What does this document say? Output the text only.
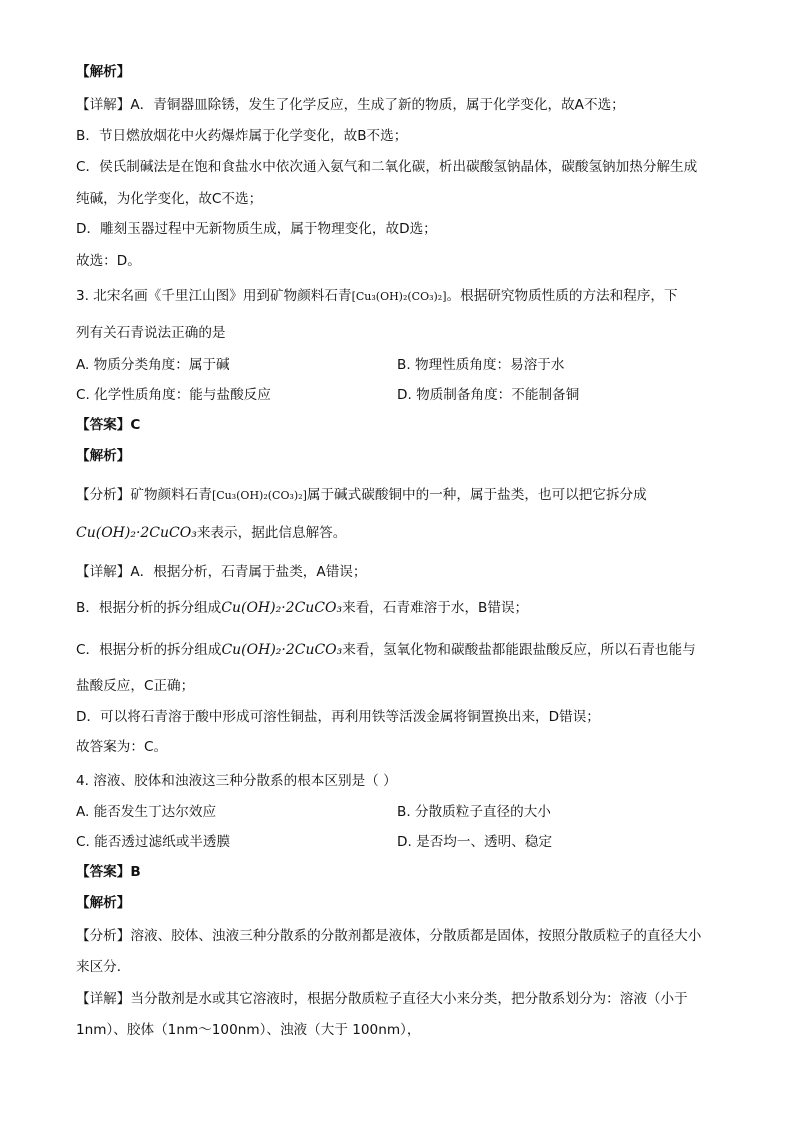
【解析】
【详解】A．青铜器皿除锈，发生了化学反应，生成了新的物质，属于化学变化，故A不选；
B．节日燃放烟花中火药爆炸属于化学变化，故B不选；
C．侯氏制碱法是在饱和食盐水中依次通入氨气和二氧化碳，析出碳酸氢钠晶体，碳酸氢钠加热分解生成
纯碱，为化学变化，故C不选；
D．雕刻玉器过程中无新物质生成，属于物理变化，故D选；
故选：D。
3. 北宋名画《千里江山图》用到矿物颜料石青[Cu₃(OH)₂(CO₃)₂]。根据研究物质性质的方法和程序，下
列有关石青说法正确的是
A. 物质分类角度：属于碱	B. 物理性质角度：易溶于水
C. 化学性质角度：能与盐酸反应	D. 物质制备角度：不能制备铜
【答案】C
【解析】
【分析】矿物颜料石青[Cu₃(OH)₂(CO₃)₂]属于碱式碳酸铜中的一种，属于盐类，也可以把它拆分成
Cu(OH)₂·2CuCO₃来表示，据此信息解答。
【详解】A．根据分析，石青属于盐类，A错误；
B．根据分析的拆分组成Cu(OH)₂·2CuCO₃来看，石青难溶于水，B错误；
C．根据分析的拆分组成Cu(OH)₂·2CuCO₃来看，氢氧化物和碳酸盐都能跟盐酸反应，所以石青也能与
盐酸反应，C正确；
D．可以将石青溶于酸中形成可溶性铜盐，再利用铁等活泼金属将铜置换出来，D错误；
故答案为：C。
4. 溶液、胶体和浊液这三种分散系的根本区别是（ ）
A. 能否发生丁达尔效应	B. 分散质粒子直径的大小
C. 能否透过滤纸或半透膜	D. 是否均一、透明、稳定
【答案】B
【解析】
【分析】溶液、胶体、浊液三种分散系的分散剂都是液体，分散质都是固体，按照分散质粒子的直径大小
来区分．
【详解】当分散剂是水或其它溶液时，根据分散质粒子直径大小来分类，把分散系划分为：溶液（小于
1nm）、胶体（1nm～100nm）、浊液（大于 100nm），
